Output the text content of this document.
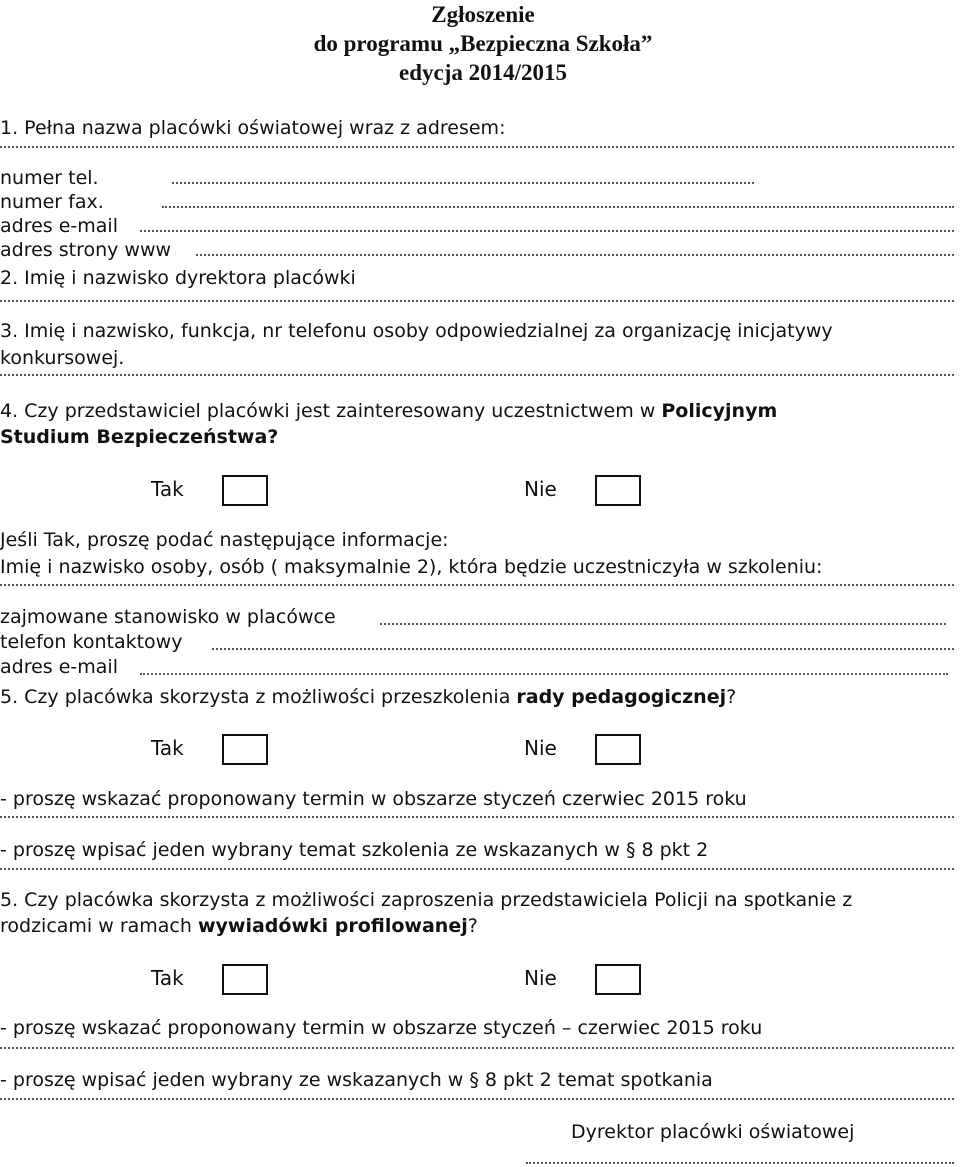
Zgłoszenie
do programu „Bezpieczna Szkoła”
edycja 2014/2015
1. Pełna nazwa placówki oświatowej wraz z adresem:
numer tel.
numer fax.
adres e-mail
adres strony www
2. Imię i nazwisko dyrektora placówki
3. Imię i nazwisko, funkcja, nr telefonu osoby odpowiedzialnej za organizację inicjatywy
konkursowej.
4. Czy przedstawiciel placówki jest zainteresowany uczestnictwem w Policyjnym
Studium Bezpieczeństwa?
Tak	Nie
Jeśli Tak, proszę podać następujące informacje:
Imię i nazwisko osoby, osób ( maksymalnie 2), która będzie uczestniczyła w szkoleniu:
zajmowane stanowisko w placówce
telefon kontaktowy
adres e-mail
5. Czy placówka skorzysta z możliwości przeszkolenia rady pedagogicznej?
Tak	Nie
- proszę wskazać proponowany termin w obszarze styczeń czerwiec 2015 roku
- proszę wpisać jeden wybrany temat szkolenia ze wskazanych w § 8 pkt 2
5. Czy placówka skorzysta z możliwości zaproszenia przedstawiciela Policji na spotkanie z
rodzicami w ramach wywiadówki profilowanej?
Tak	Nie
- proszę wskazać proponowany termin w obszarze styczeń – czerwiec 2015 roku
- proszę wpisać jeden wybrany ze wskazanych w § 8 pkt 2 temat spotkania
Dyrektor placówki oświatowej
